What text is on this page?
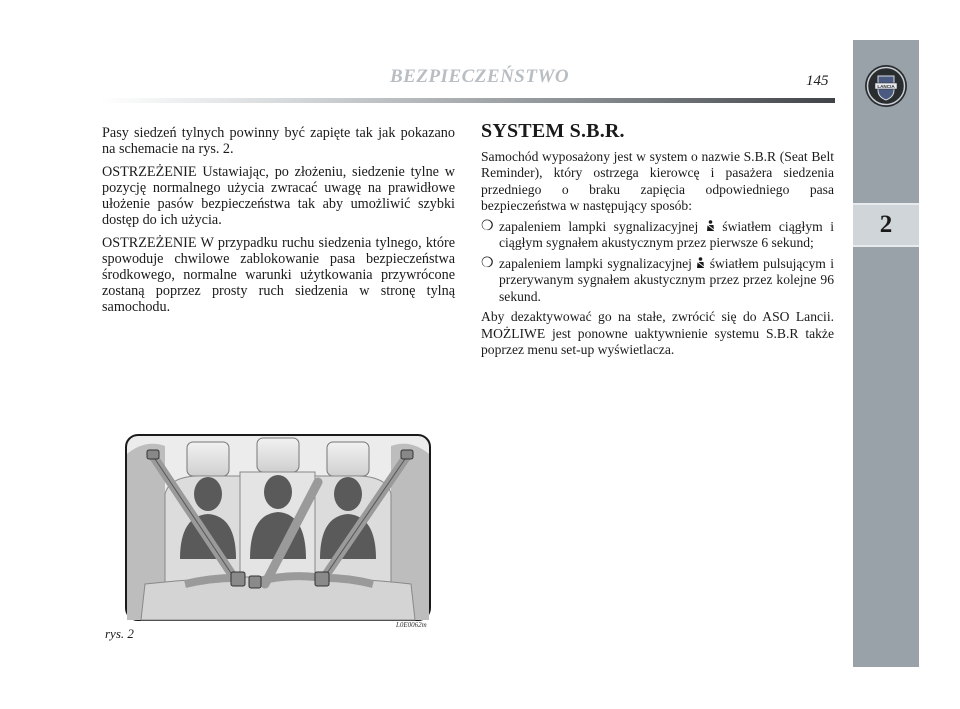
BEZPIECZEŃSTWO	145	LANCIA
2

Pasy siedzeń tylnych powinny być zapięte tak jak pokazano na schemacie na rys. 2.

OSTRZEŻENIE Ustawiając, po złożeniu, siedzenie tylne w pozycję normalnego użycia zwracać uwagę na prawidłowe ułożenie pasów bezpieczeństwa tak aby umożliwić szybki dostęp do ich użycia.

OSTRZEŻENIE W przypadku ruchu siedzenia tylnego, które spowoduje chwilowe zablokowanie pasa bezpieczeństwa środkowego, normalne warunki użytkowania przywrócone zostaną poprzez prosty ruch siedzenia w stronę tylną samochodu.

SYSTEM S.B.R.

Samochód wyposażony jest w system o nazwie S.B.R (Seat Belt Reminder), który ostrzega kierowcę i pasażera siedzenia przedniego o braku zapięcia odpowiedniego pasa bezpieczeństwa w następujący sposób:

❍ zapaleniem lampki sygnalizacyjnej światłem ciągłym i ciągłym sygnałem akustycznym przez pierwsze 6 sekund;
❍ zapaleniem lampki sygnalizacyjnej światłem pulsującym i przerywanym sygnałem akustycznym przez przez kolejne 96 sekund.

Aby dezaktywować go na stałe, zwrócić się do ASO Lancii. MOŻLIWE jest ponowne uaktywnienie systemu S.B.R także poprzez menu set-up wyświetlacza.

rys. 2
L0E0062m
